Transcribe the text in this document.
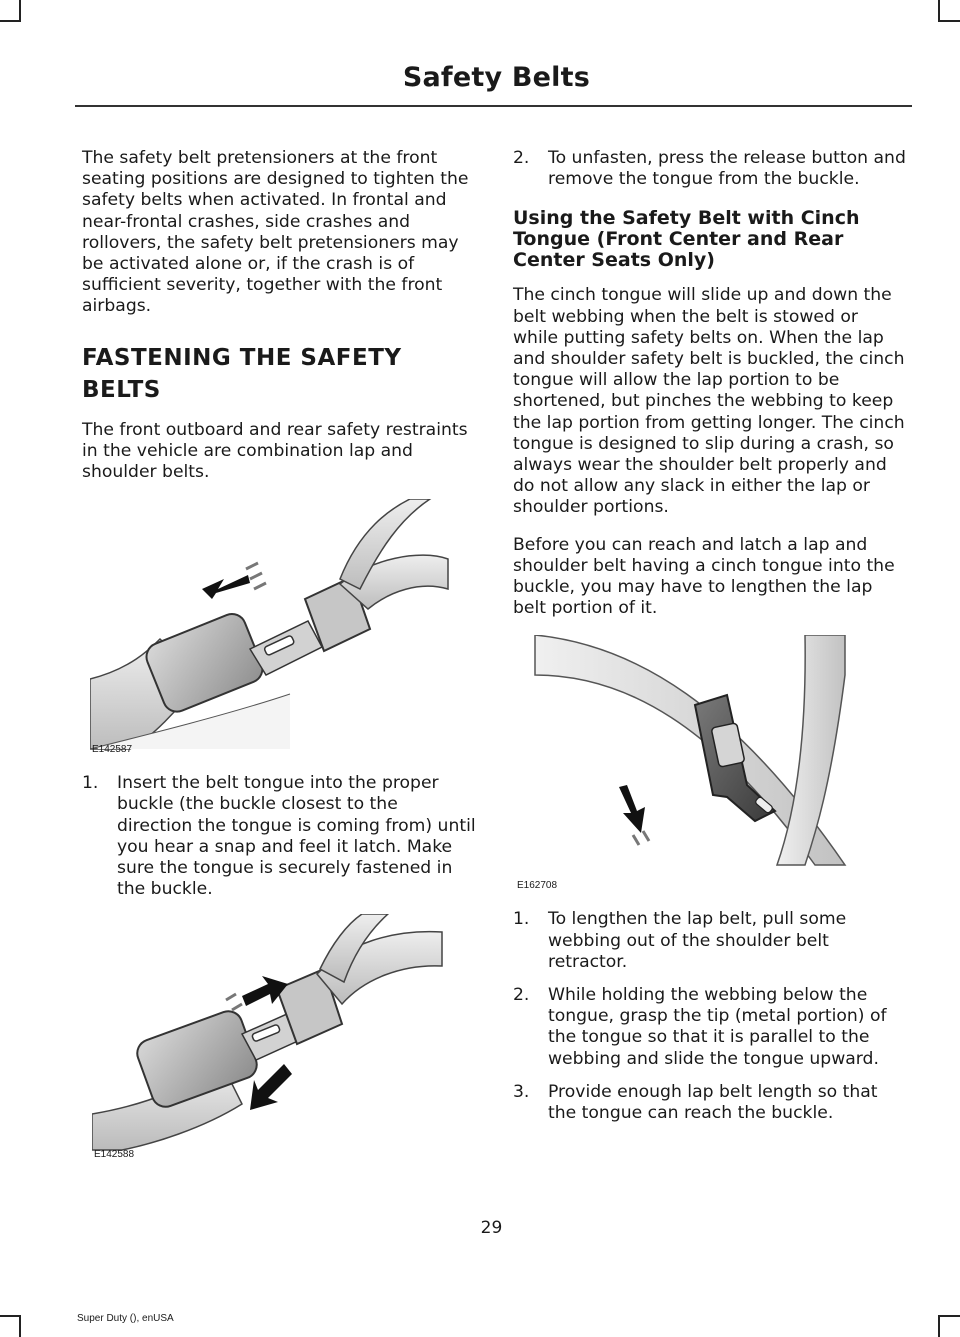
Safety Belts

The safety belt pretensioners at the front seating positions are designed to tighten the safety belts when activated. In frontal and near-frontal crashes, side crashes and rollovers, the safety belt pretensioners may be activated alone or, if the crash is of sufficient severity, together with the front airbags.

FASTENING THE SAFETY BELTS

The front outboard and rear safety restraints in the vehicle are combination lap and shoulder belts.

E142587
1.	Insert the belt tongue into the proper buckle (the buckle closest to the direction the tongue is coming from) until you hear a snap and feel it latch. Make sure the tongue is securely fastened in the buckle.
E142588
2.	To unfasten, press the release button and remove the tongue from the buckle.
Using the Safety Belt with Cinch Tongue (Front Center and Rear Center Seats Only)

The cinch tongue will slide up and down the belt webbing when the belt is stowed or while putting safety belts on. When the lap and shoulder safety belt is buckled, the cinch tongue will allow the lap portion to be shortened, but pinches the webbing to keep the lap portion from getting longer. The cinch tongue is designed to slip during a crash, so always wear the shoulder belt properly and do not allow any slack in either the lap or shoulder portions.

Before you can reach and latch a lap and shoulder belt having a cinch tongue into the buckle, you may have to lengthen the lap belt portion of it.

E162708
1.	To lengthen the lap belt, pull some webbing out of the shoulder belt retractor.
2.	While holding the webbing below the tongue, grasp the tip (metal portion) of the tongue so that it is parallel to the webbing and slide the tongue upward.
3.	Provide enough lap belt length so that the tongue can reach the buckle.
29
Super Duty (), enUSA
